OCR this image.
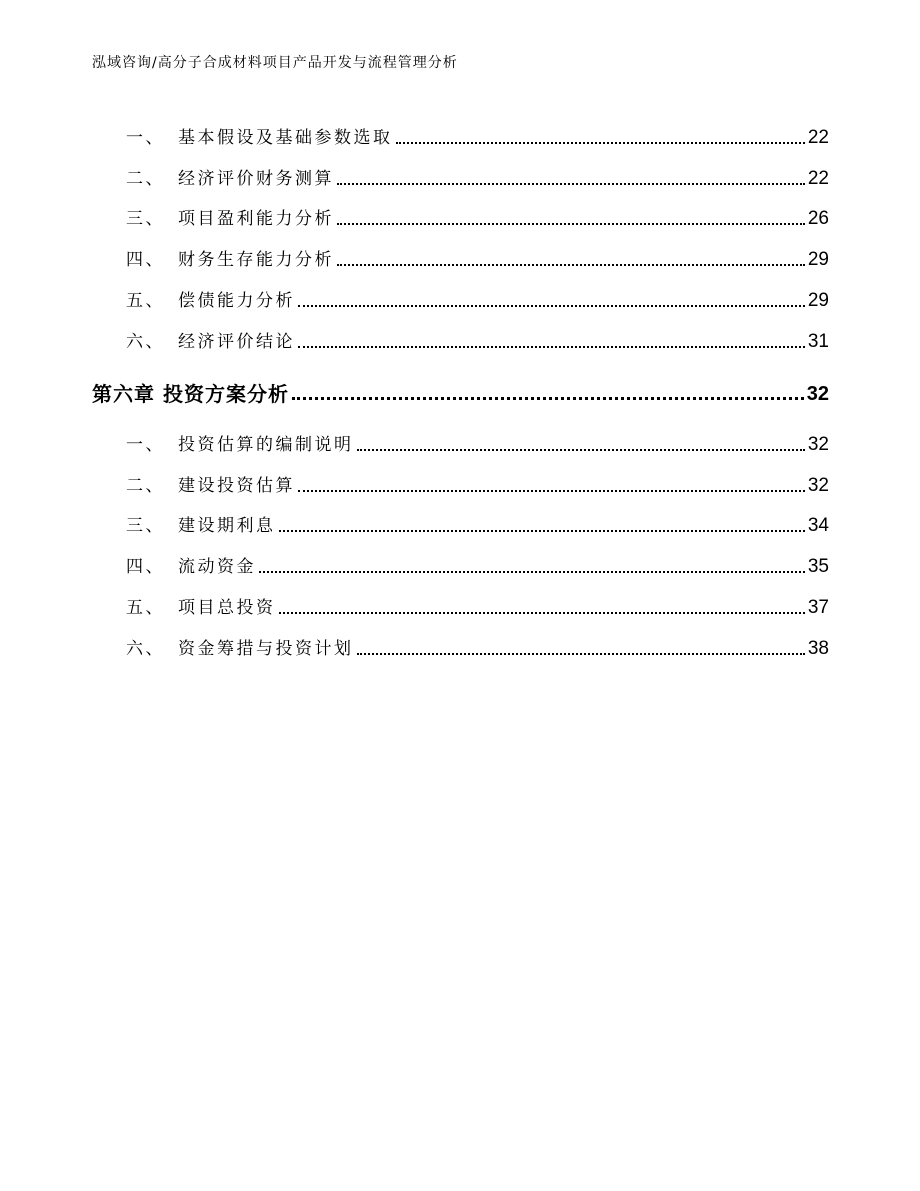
泓域咨询/高分子合成材料项目产品开发与流程管理分析
一、 基本假设及基础参数选取	22
二、 经济评价财务测算	22
三、 项目盈利能力分析	26
四、 财务生存能力分析	29
五、 偿债能力分析	29
六、 经济评价结论	31
第六章 投资方案分析	32
一、 投资估算的编制说明	32
二、 建设投资估算	32
三、 建设期利息	34
四、 流动资金	35
五、 项目总投资	37
六、 资金筹措与投资计划	38
